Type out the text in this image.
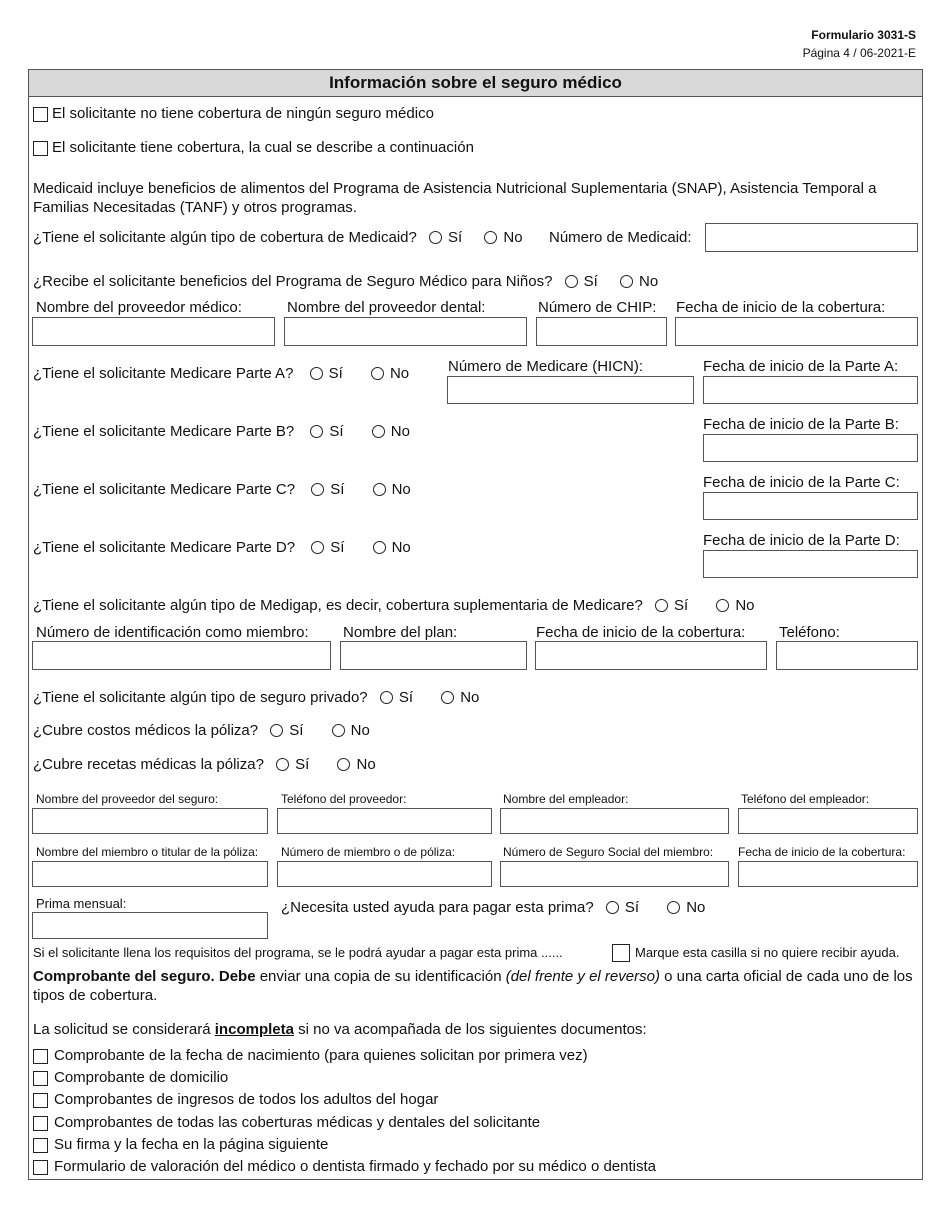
Formulario 3031-S
Página 4 / 06-2021-E
Información sobre el seguro médico
El solicitante no tiene cobertura de ningún seguro médico
El solicitante tiene cobertura, la cual se describe a continuación
Medicaid incluye beneficios de alimentos del Programa de Asistencia Nutricional Suplementaria (SNAP), Asistencia Temporal a Familias Necesitadas (TANF) y otros programas.
¿Tiene el solicitante algún tipo de cobertura de Medicaid? Sí	No	Número de Medicaid:
¿Recibe el solicitante beneficios del Programa de Seguro Médico para Niños? Sí	No
Nombre del proveedor médico:	Nombre del proveedor dental:	Número de CHIP: Fecha de inicio de la cobertura:
¿Tiene el solicitante Medicare Parte A? Sí	No	Número de Medicare (HICN):	Fecha de inicio de la Parte A:
¿Tiene el solicitante Medicare Parte B? Sí	No	Fecha de inicio de la Parte B:
¿Tiene el solicitante Medicare Parte C? Sí	No	Fecha de inicio de la Parte C:
¿Tiene el solicitante Medicare Parte D? Sí	No	Fecha de inicio de la Parte D:
¿Tiene el solicitante algún tipo de Medigap, es decir, cobertura suplementaria de Medicare? Sí	No
Número de identificación como miembro: Nombre del plan:	Fecha de inicio de la cobertura: Teléfono:
¿Tiene el solicitante algún tipo de seguro privado? Sí	No
¿Cubre costos médicos la póliza? Sí	No
¿Cubre recetas médicas la póliza? Sí	No
Nombre del proveedor del seguro:	Teléfono del proveedor:	Nombre del empleador:	Teléfono del empleador:
Nombre del miembro o titular de la póliza: Número de miembro o de póliza:	Número de Seguro Social del miembro: Fecha de inicio de la cobertura:
Prima mensual:	¿Necesita usted ayuda para pagar esta prima? Sí	No
Si el solicitante llena los requisitos del programa, se le podrá ayudar a pagar esta prima ......	Marque esta casilla si no quiere recibir ayuda.
Comprobante del seguro. Debe enviar una copia de su identificación (del frente y el reverso) o una carta oficial de cada uno de los tipos de cobertura.
La solicitud se considerará incompleta si no va acompañada de los siguientes documentos:
Comprobante de la fecha de nacimiento (para quienes solicitan por primera vez)
Comprobante de domicilio
Comprobantes de ingresos de todos los adultos del hogar
Comprobantes de todas las coberturas médicas y dentales del solicitante
Su firma y la fecha en la página siguiente
Formulario de valoración del médico o dentista firmado y fechado por su médico o dentista
